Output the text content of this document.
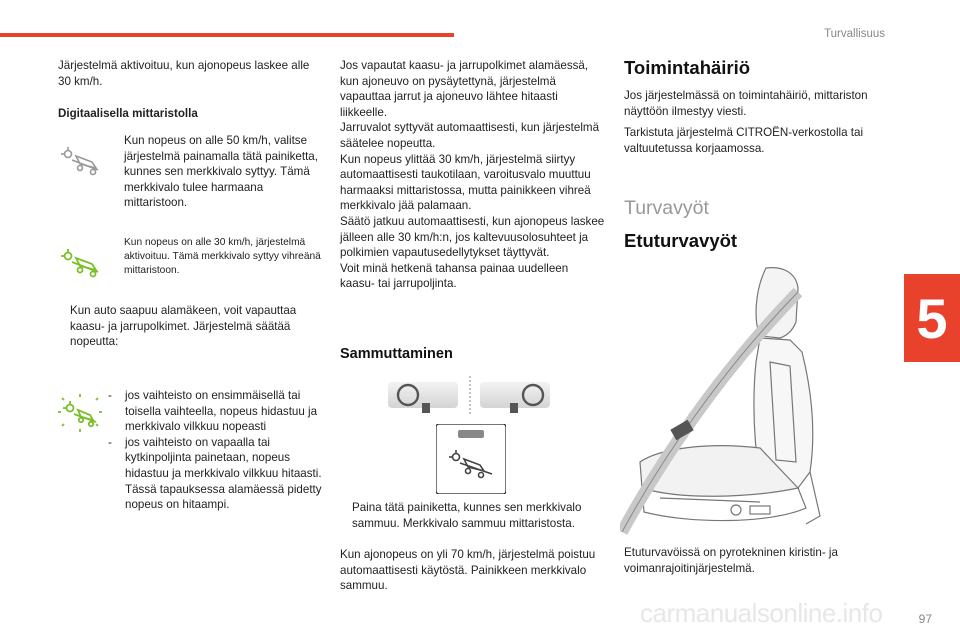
Turvallisuus
5

Järjestelmä aktivoituu, kun ajonopeus laskee alle 30 km/h.

Digitaalisella mittaristolla

Kun nopeus on alle 50 km/h, valitse järjestelmä painamalla tätä painiketta, kunnes sen merkkivalo syttyy. Tämä merkkivalo tulee harmaana mittaristoon.
Kun nopeus on alle 30 km/h, järjestelmä aktivoituu. Tämä merkkivalo syttyy vihreänä mittaristoon.
Kun auto saapuu alamäkeen, voit vapauttaa kaasu- ja jarrupolkimet. Järjestelmä säätää nopeutta:
-	jos vaihteisto on ensimmäisellä tai toisella vaihteella, nopeus hidastuu ja merkkivalo vilkkuu nopeasti
-	jos vaihteisto on vapaalla tai kytkinpoljinta painetaan, nopeus hidastuu ja merkkivalo vilkkuu hitaasti. Tässä tapauksessa alamäessä pidetty nopeus on hitaampi.

Jos vapautat kaasu- ja jarrupolkimet alamäessä, kun ajoneuvo on pysäytettynä, järjestelmä vapauttaa jarrut ja ajoneuvo lähtee hitaasti liikkeelle.

Jarruvalot syttyvät automaattisesti, kun järjestelmä säätelee nopeutta.

Kun nopeus ylittää 30 km/h, järjestelmä siirtyy automaattisesti taukotilaan, varoitusvalo muuttuu harmaaksi mittaristossa, mutta painikkeen vihreä merkkivalo jää palamaan.

Säätö jatkuu automaattisesti, kun ajonopeus laskee jälleen alle 30 km/h:n, jos kaltevuusolosuhteet ja polkimien vapautusedellytykset täyttyvät.

Voit minä hetkenä tahansa painaa uudelleen kaasu- tai jarrupoljinta.

Sammuttaminen
Paina tätä painiketta, kunnes sen merkkivalo sammuu. Merkkivalo sammuu mittaristosta.
Kun ajonopeus on yli 70 km/h, järjestelmä poistuu automaattisesti käytöstä. Painikkeen merkkivalo sammuu.
Toimintahäiriö

Jos järjestelmässä on toimintahäiriö, mittariston näyttöön ilmestyy viesti.

Tarkistuta järjestelmä CITROËN-verkostolla tai valtuutetussa korjaamossa.

Turvavyöt
Etuturvavyöt
Etuturvavöissä on pyrotekninen kiristin- ja voimanrajoitinjärjestelmä.
carmanualsonline.info	97
